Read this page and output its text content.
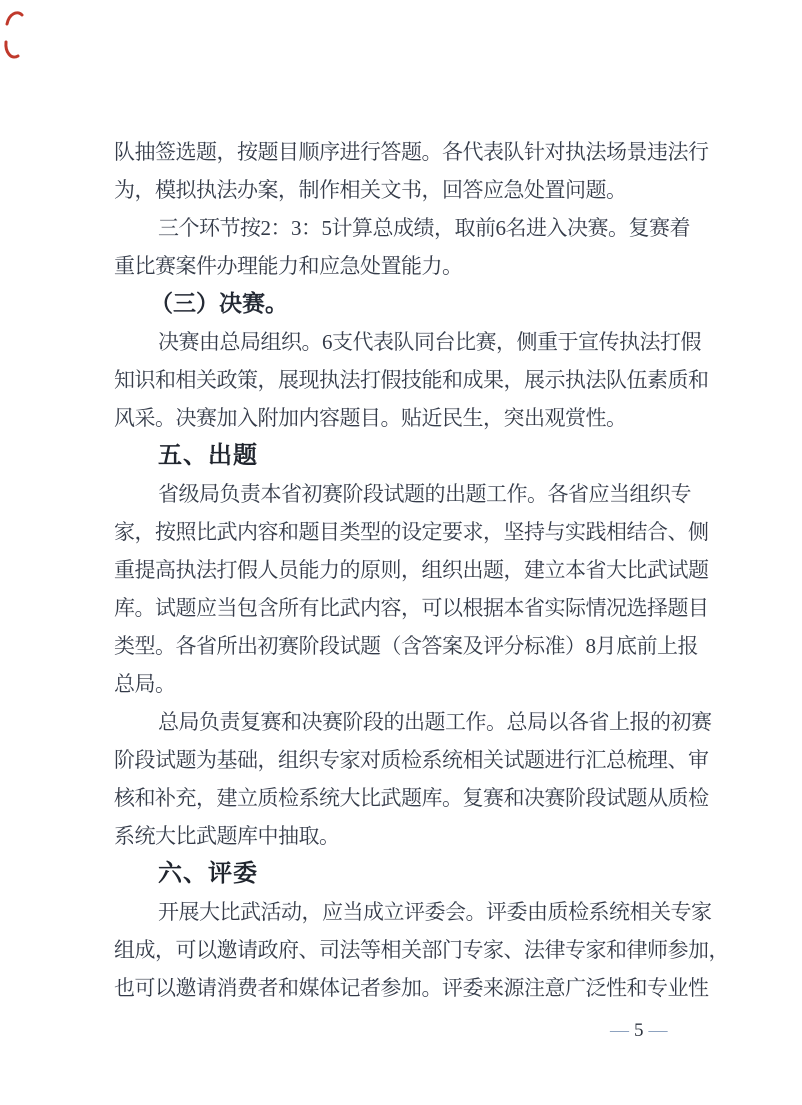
队抽签选题，按题目顺序进行答题。各代表队针对执法场景违法行
为，模拟执法办案，制作相关文书，回答应急处置问题。
三个环节按2：3：5计算总成绩，取前6名进入决赛。复赛着
重比赛案件办理能力和应急处置能力。
（三）决赛。
决赛由总局组织。6支代表队同台比赛，侧重于宣传执法打假
知识和相关政策，展现执法打假技能和成果，展示执法队伍素质和
风采。决赛加入附加内容题目。贴近民生，突出观赏性。
五、出题
省级局负责本省初赛阶段试题的出题工作。各省应当组织专
家，按照比武内容和题目类型的设定要求，坚持与实践相结合、侧
重提高执法打假人员能力的原则，组织出题，建立本省大比武试题
库。试题应当包含所有比武内容，可以根据本省实际情况选择题目
类型。各省所出初赛阶段试题（含答案及评分标准）8月底前上报
总局。
总局负责复赛和决赛阶段的出题工作。总局以各省上报的初赛
阶段试题为基础，组织专家对质检系统相关试题进行汇总梳理、审
核和补充，建立质检系统大比武题库。复赛和决赛阶段试题从质检
系统大比武题库中抽取。
六、评委
开展大比武活动，应当成立评委会。评委由质检系统相关专家
组成，可以邀请政府、司法等相关部门专家、法律专家和律师参加，
也可以邀请消费者和媒体记者参加。评委来源注意广泛性和专业性
— 5 —
